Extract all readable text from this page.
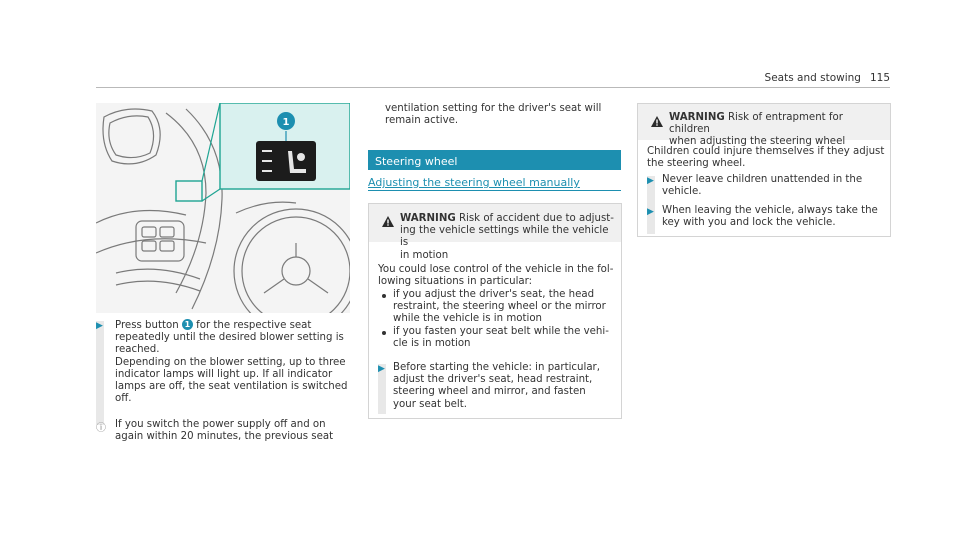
Seats and stowing 115
1
▶ Press button 1 for the respective seat
repeatedly until the desired blower setting is
reached.
Depending on the blower setting, up to three
indicator lamps will light up. If all indicator
lamps are off, the seat ventilation is switched
off.
ⓘ If you switch the power supply off and on
again within 20 minutes, the previous seat
ventilation setting for the driver's seat will
remain active.
Steering wheel
Adjusting the steering wheel manually
WARNING Risk of accident due to adjust-
ing the vehicle settings while the vehicle is
in motion
You could lose control of the vehicle in the fol-
lowing situations in particular:
if you adjust the driver's seat, the head
restraint, the steering wheel or the mirror
while the vehicle is in motion
if you fasten your seat belt while the vehi-
cle is in motion
▶ Before starting the vehicle: in particular,
adjust the driver's seat, head restraint,
steering wheel and mirror, and fasten
your seat belt.
WARNING Risk of entrapment for children
when adjusting the steering wheel
Children could injure themselves if they adjust
the steering wheel.
▶ Never leave children unattended in the
vehicle.
▶ When leaving the vehicle, always take the
key with you and lock the vehicle.
